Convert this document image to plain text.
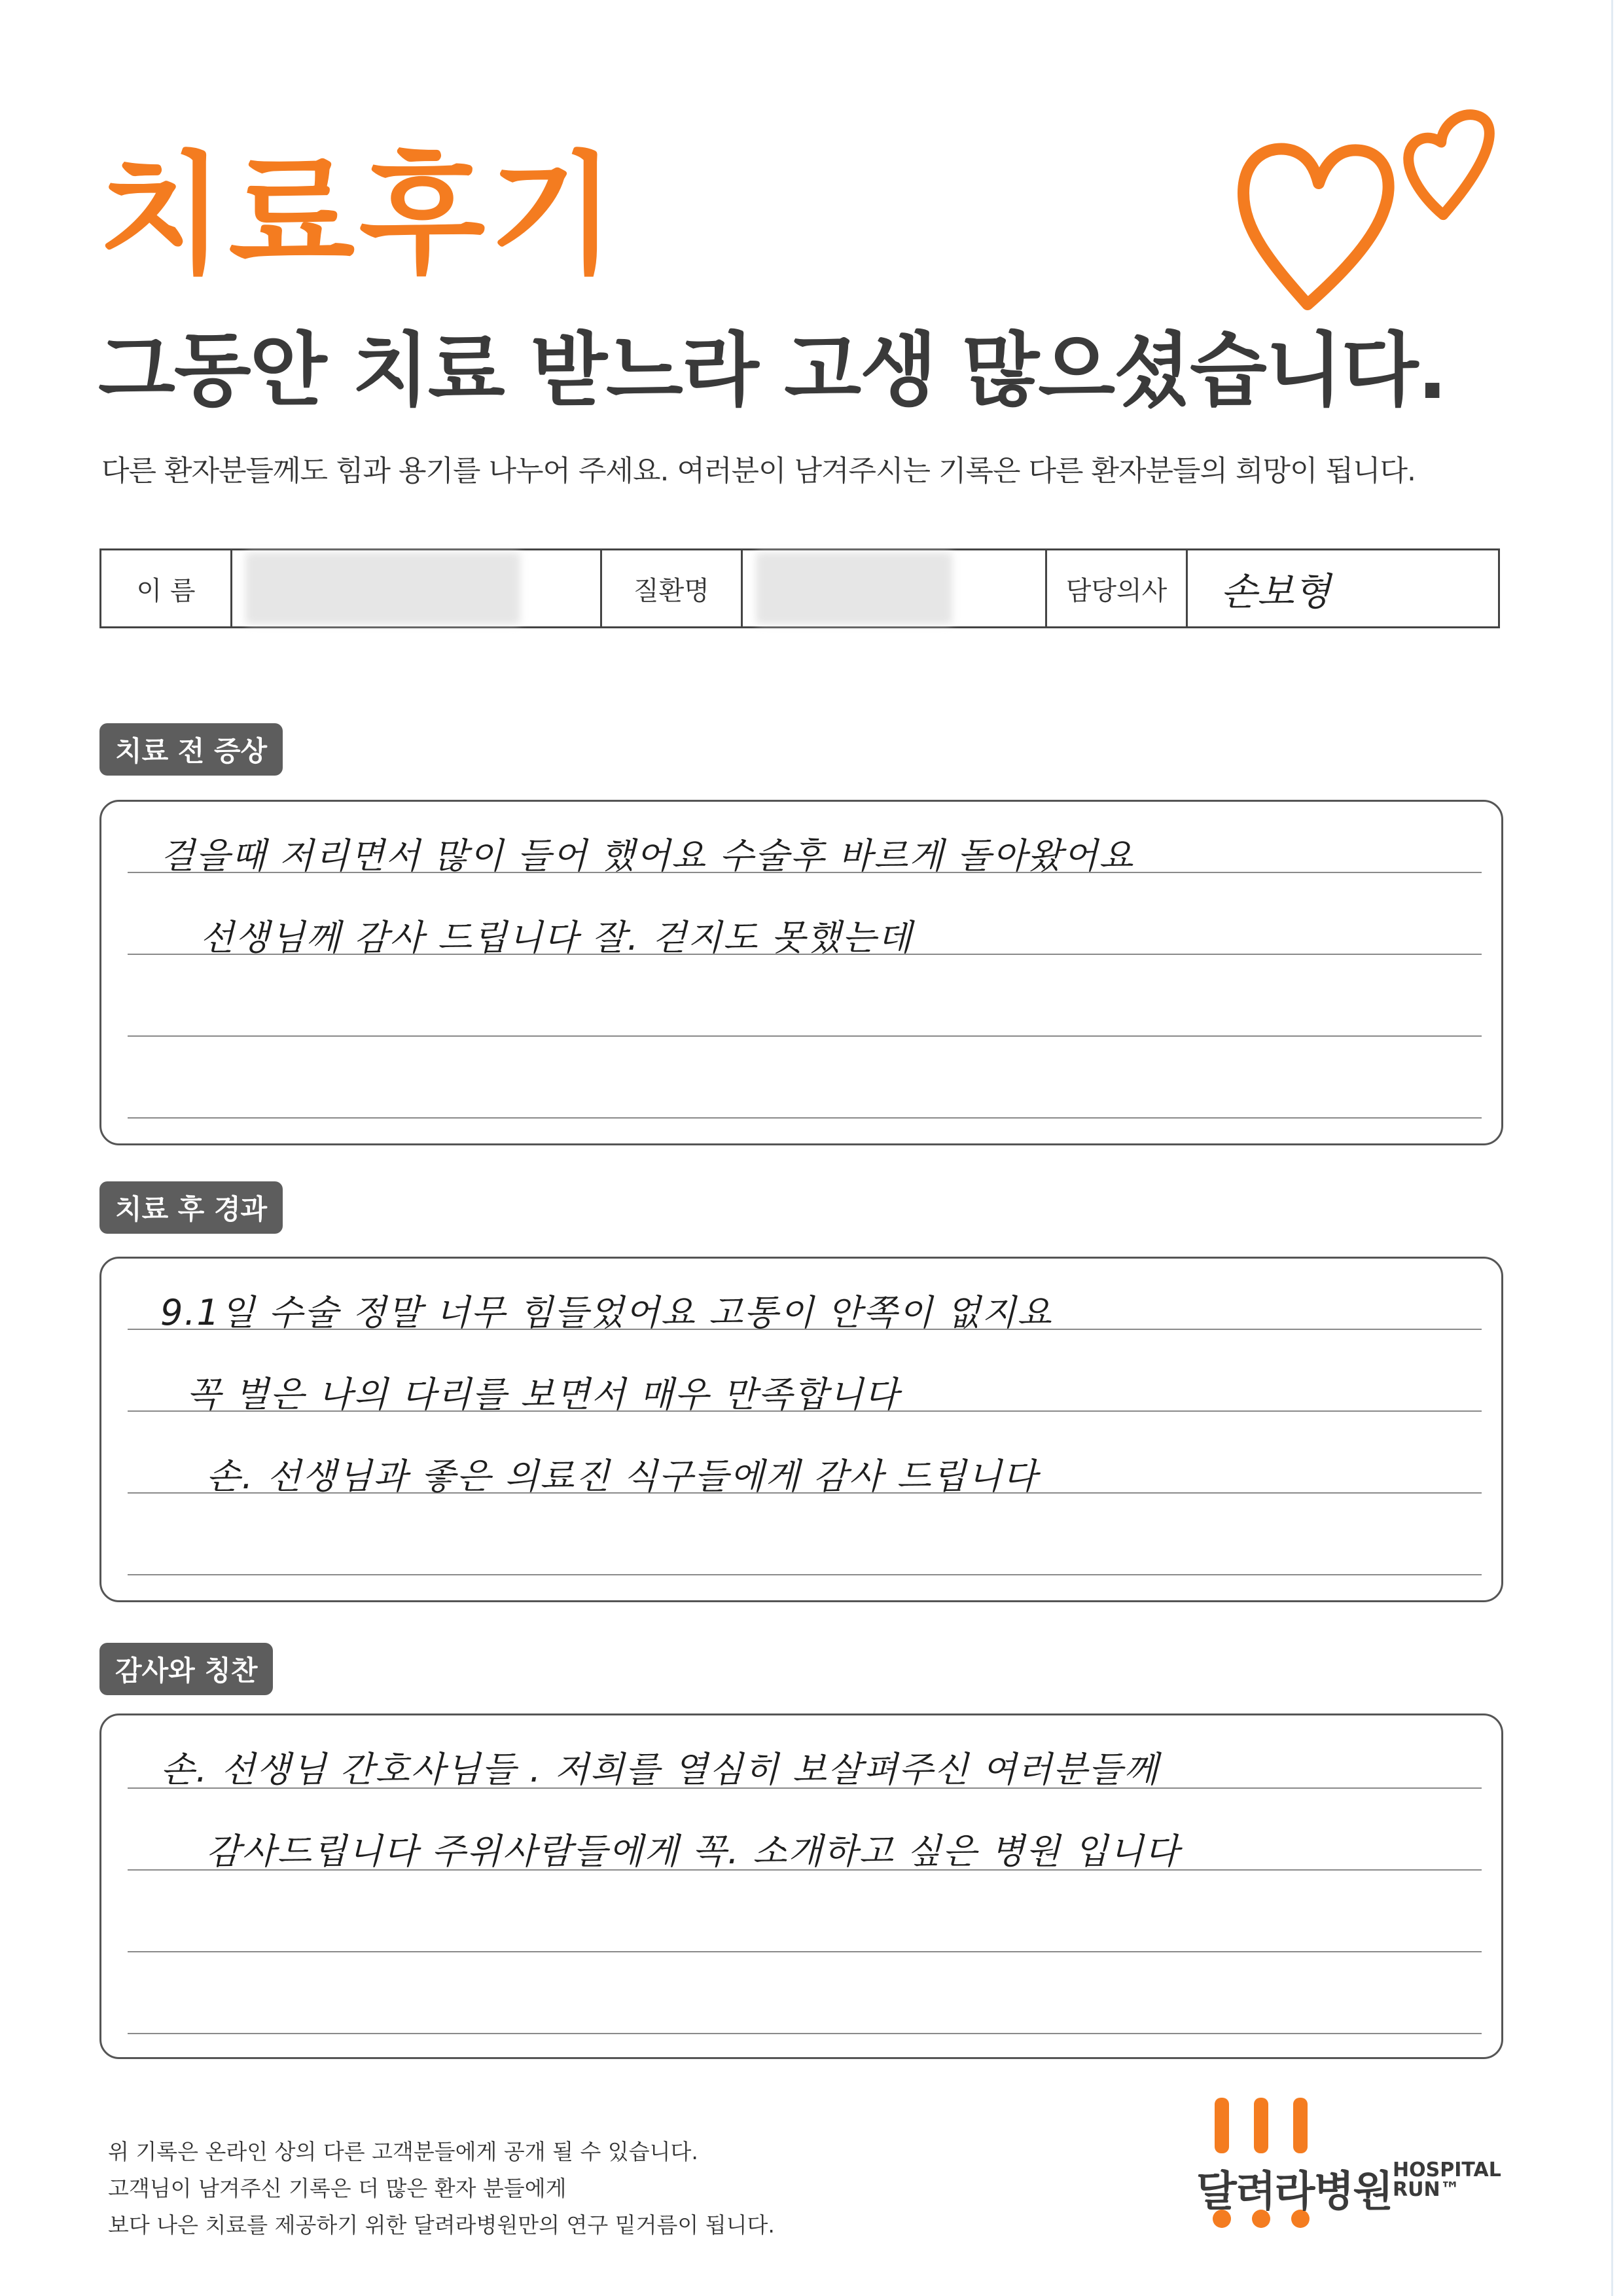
치료후기
그동안 치료 받느라 고생 많으셨습니다.
다른 환자분들께도 힘과 용기를 나누어 주세요. 여러분이 남겨주시는 기록은 다른 환자분들의 희망이 됩니다.
이 름	질환명	담당의사	손보형
치료 전 증상
걸을때 저리면서 많이 들어 했어요 수술후 바르게 돌아왔어요
선생님께 감사 드립니다 잘. 걷지도 못했는데
치료 후 경과
9.1일 수술 정말 너무 힘들었어요 고통이 안쪽이 없지요
꼭 벌은 나의 다리를 보면서 매우 만족합니다
손. 선생님과 좋은 의료진 식구들에게 감사 드립니다
감사와 칭찬
손. 선생님 간호사님들 . 저희를 열심히 보살펴주신 여러분들께
감사드립니다 주위사람들에게 꼭. 소개하고 싶은 병원 입니다
위 기록은 온라인 상의 다른 고객분들에게 공개 될 수 있습니다.
고객님이 남겨주신 기록은 더 많은 환자 분들에게
보다 나은 치료를 제공하기 위한 달려라병원만의 연구 밑거름이 됩니다.
달려라병원 HOSPITAL
RUN™
